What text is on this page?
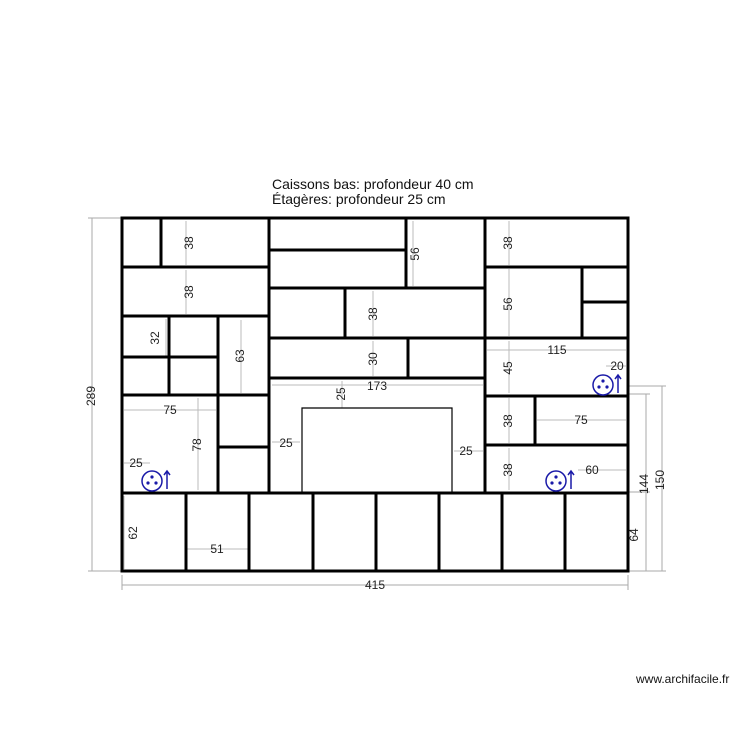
Caissons bas: profondeur 40 cm
Étagères: profondeur 25 cm
289
415
150
144
64
38
38
32
63
56
38
30
25
173
25
25
75
78
25
38
56
115
45	20
38	75
38	60
62
51
www.archifacile.fr
